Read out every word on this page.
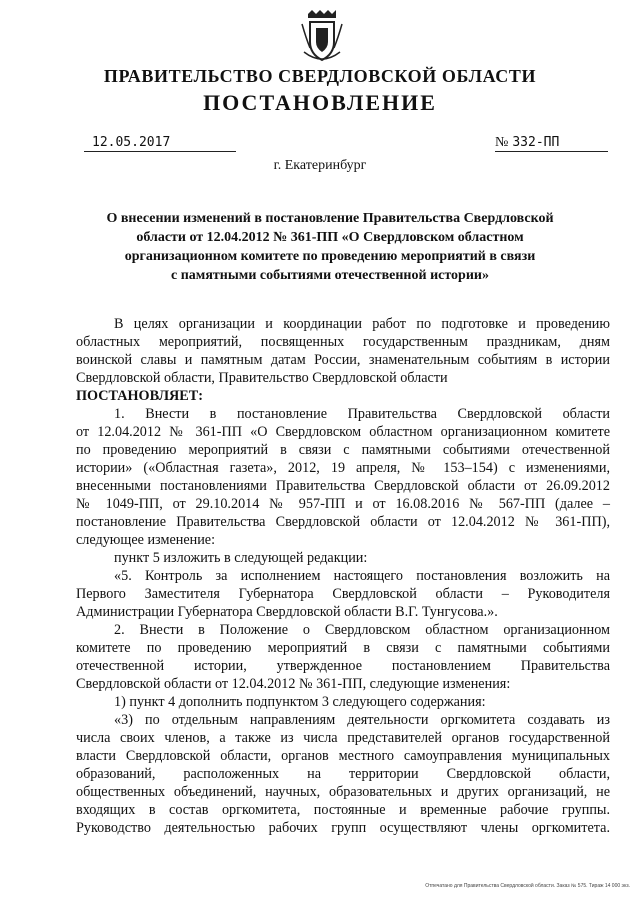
ПРАВИТЕЛЬСТВО СВЕРДЛОВСКОЙ ОБЛАСТИ
ПОСТАНОВЛЕНИЕ
12.05.2017	№ 332-ПП
г. Екатеринбург
О внесении изменений в постановление Правительства Свердловской
области от 12.04.2012 № 361-ПП «О Свердловском областном
организационном комитете по проведению мероприятий в связи
с памятными событиями отечественной истории»
В целях организации и координации работ по подготовке и проведению
областных мероприятий, посвященных государственным праздникам, дням
воинской славы и памятным датам России, знаменательным событиям в истории
Свердловской области, Правительство Свердловской области
ПОСТАНОВЛЯЕТ:
1. Внести в постановление Правительства Свердловской области
от 12.04.2012 № 361-ПП «О Свердловском областном организационном комитете
по проведению мероприятий в связи с памятными событиями отечественной
истории» («Областная газета», 2012, 19 апреля, № 153–154) с изменениями,
внесенными постановлениями Правительства Свердловской области от 26.09.2012
№ 1049-ПП, от 29.10.2014 № 957-ПП и от 16.08.2016 № 567-ПП (далее –
постановление Правительства Свердловской области от 12.04.2012 № 361-ПП),
следующее изменение:
пункт 5 изложить в следующей редакции:
«5. Контроль за исполнением настоящего постановления возложить на
Первого Заместителя Губернатора Свердловской области – Руководителя
Администрации Губернатора Свердловской области В.Г. Тунгусова.».
2. Внести в Положение о Свердловском областном организационном
комитете по проведению мероприятий в связи с памятными событиями
отечественной истории, утвержденное постановлением Правительства
Свердловской области от 12.04.2012 № 361-ПП, следующие изменения:
1) пункт 4 дополнить подпунктом 3 следующего содержания:
«3) по отдельным направлениям деятельности оргкомитета создавать из
числа своих членов, а также из числа представителей органов государственной
власти Свердловской области, органов местного самоуправления муниципальных
образований, расположенных на территории Свердловской области,
общественных объединений, научных, образовательных и других организаций, не
входящих в состав оргкомитета, постоянные и временные рабочие группы.
Руководство деятельностью рабочих групп осуществляют члены оргкомитета.
Отпечатано для Правительства Свердловской области. Заказ № 575. Тираж 14 000 экз.
